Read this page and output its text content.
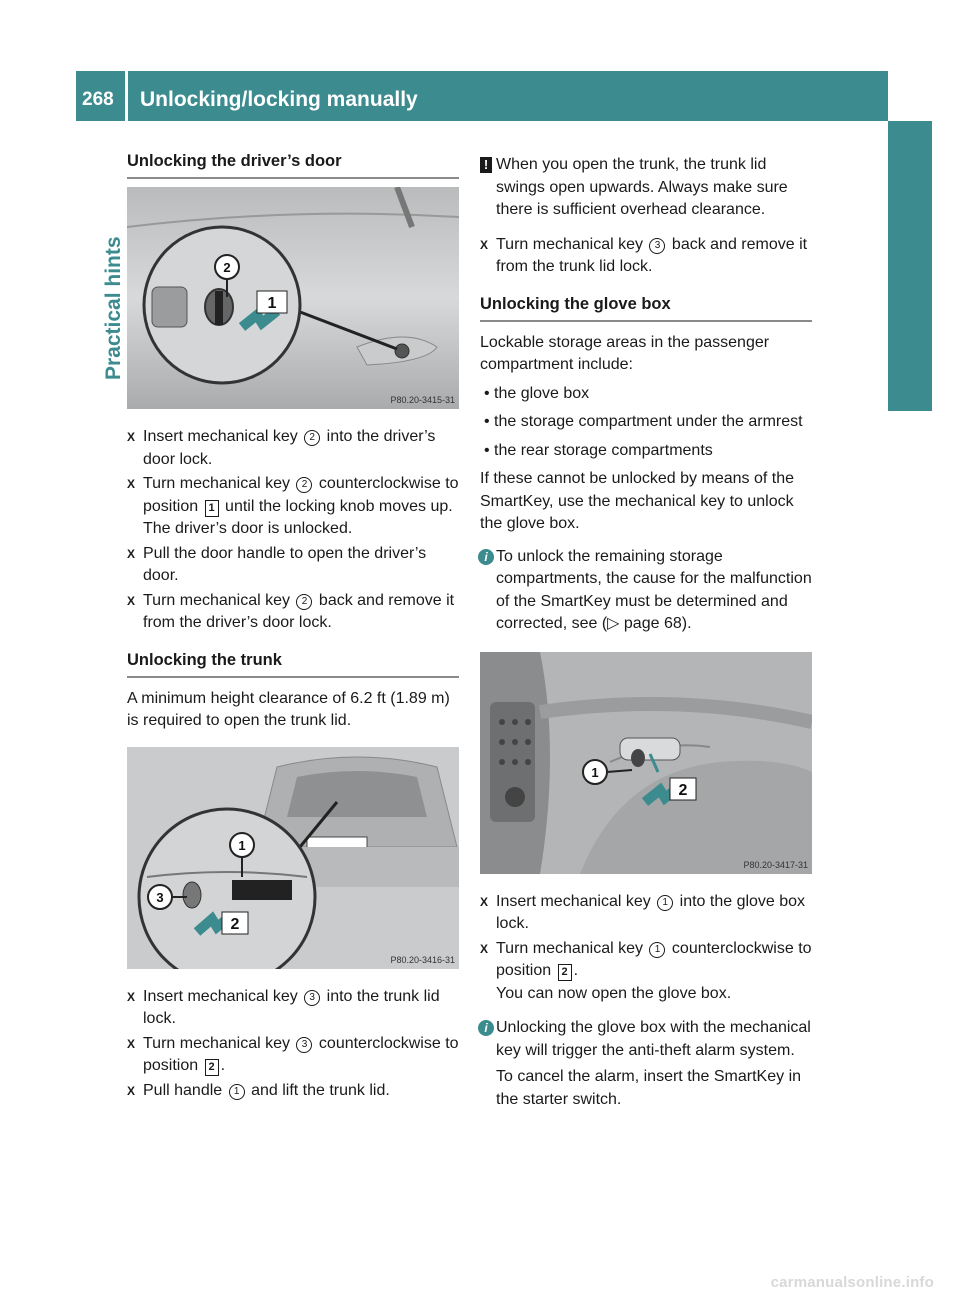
268 Unlocking/locking manually
Practical hints
Unlocking the driver’s door
2
1
P80.20-3415-31
X Insert mechanical key 2 into the driver’s door lock.
X Turn mechanical key 2 counterclockwise to position 1 until the locking knob moves up.

The driver’s door is unlocked.

X Pull the door handle to open the driver’s door.
X Turn mechanical key 2 back and remove it from the driver’s door lock.
Unlocking the trunk

A minimum height clearance of 6.2 ft (1.89 m) is required to open the trunk lid.

1
3
2
P80.20-3416-31
X Insert mechanical key 3 into the trunk lid lock.
X Turn mechanical key 3 counterclockwise to position 2 .
X Pull handle 1 and lift the trunk lid.
! When you open the trunk, the trunk lid swings open upwards. Always make sure there is sufficient overhead clearance.
X Turn mechanical key 3 back and remove it from the trunk lid lock.
Unlocking the glove box

Lockable storage areas in the passenger compartment include:

• the glove box
• the storage compartment under the armrest
• the rear storage compartments

If these cannot be unlocked by means of the SmartKey, use the mechanical key to unlock the glove box.

i To unlock the remaining storage compartments, the cause for the malfunction of the SmartKey must be determined and corrected, see (▷ page 68).
1
2
P80.20-3417-31
X Insert mechanical key 1 into the glove box lock.
X Turn mechanical key 1 counterclockwise to position 2 .

You can now open the glove box.

i Unlocking the glove box with the mechanical key will trigger the anti-theft alarm system.

To cancel the alarm, insert the SmartKey in the starter switch.

carmanualsonline.info
